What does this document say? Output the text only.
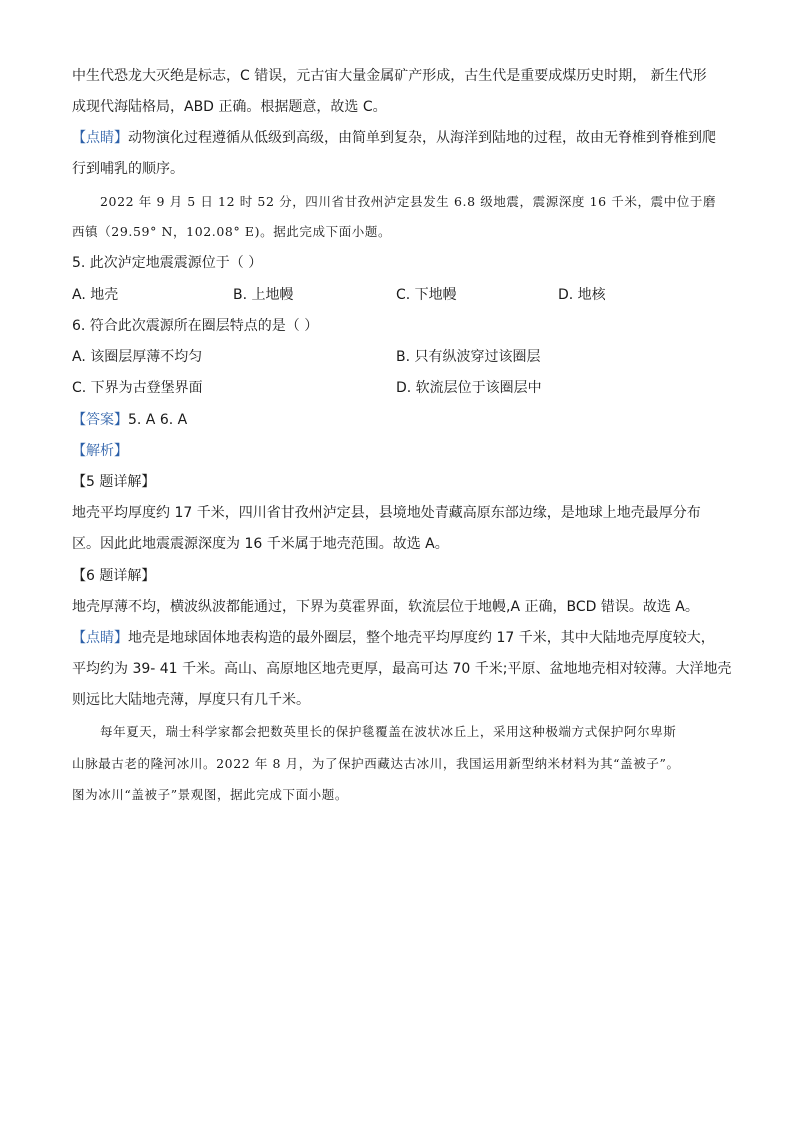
中生代恐龙大灭绝是标志，C 错误，元古宙大量金属矿产形成，古生代是重要成煤历史时期， 新生代形
成现代海陆格局，ABD 正确。根据题意，故选 C。
【点睛】动物演化过程遵循从低级到高级，由简单到复杂，从海洋到陆地的过程，故由无脊椎到脊椎到爬
行到哺乳的顺序。
2022 年 9 月 5 日 12 时 52 分，四川省甘孜州泸定县发生 6.8 级地震，震源深度 16 千米，震中位于磨
西镇（29.59° N，102.08° E)。据此完成下面小题。
5. 此次泸定地震震源位于（ ）
A. 地壳	B. 上地幔	C. 下地幔	D. 地核
6. 符合此次震源所在圈层特点的是（ ）
A. 该圈层厚薄不均匀	B. 只有纵波穿过该圈层
C. 下界为古登堡界面	D. 软流层位于该圈层中
【答案】5. A 6. A
【解析】
【5 题详解】
地壳平均厚度约 17 千米，四川省甘孜州泸定县，县境地处青藏高原东部边缘，是地球上地壳最厚分布
区。因此此地震震源深度为 16 千米属于地壳范围。故选 A。
【6 题详解】
地壳厚薄不均，横波纵波都能通过，下界为莫霍界面，软流层位于地幔,A 正确，BCD 错误。故选 A。
【点睛】地壳是地球固体地表构造的最外圈层，整个地壳平均厚度约 17 千米，其中大陆地壳厚度较大，
平均约为 39- 41 千米。高山、高原地区地壳更厚，最高可达 70 千米;平原、盆地地壳相对较薄。大洋地壳
则远比大陆地壳薄，厚度只有几千米。
每年夏天，瑞士科学家都会把数英里长的保护毯覆盖在波状冰丘上，采用这种极端方式保护阿尔卑斯
山脉最古老的隆河冰川。2022 年 8 月，为了保护西藏达古冰川，我国运用新型纳米材料为其“盖被子”。
图为冰川“盖被子”景观图，据此完成下面小题。
